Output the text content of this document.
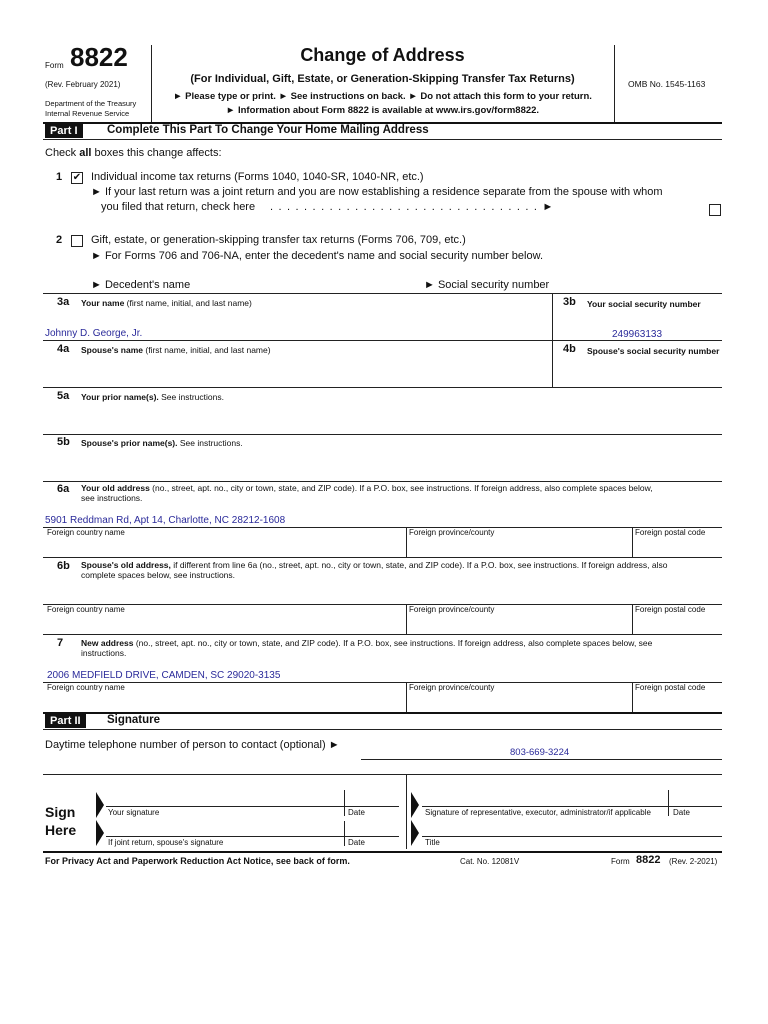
Form 8822
(Rev. February 2021)
Department of the Treasury
Internal Revenue Service
Change of Address
(For Individual, Gift, Estate, or Generation-Skipping Transfer Tax Returns)
► Please type or print. ► See instructions on back. ► Do not attach this form to your return.
► Information about Form 8822 is available at www.irs.gov/form8822.
OMB No. 1545-1163
Part I	Complete This Part To Change Your Home Mailing Address
Check all boxes this change affects:
1 ✔ Individual income tax returns (Forms 1040, 1040-SR, 1040-NR, etc.)
► If your last return was a joint return and you are now establishing a residence separate from the spouse with whom
you filed that return, check here . . . . . . . . . . . . . . . . . . . . . . . . . . . . . . . . ►
2	Gift, estate, or generation-skipping transfer tax returns (Forms 706, 709, etc.)
► For Forms 706 and 706-NA, enter the decedent's name and social security number below.
► Decedent's name	► Social security number
3a Your name (first name, initial, and last name)
Johnny D. George, Jr.
3b Your social security number
249963133
4a Spouse's name (first name, initial, and last name)	4b Spouse's social security number
5a Your prior name(s). See instructions.
5b Spouse's prior name(s). See instructions.
6a Your old address (no., street, apt. no., city or town, state, and ZIP code). If a P.O. box, see instructions. If foreign address, also complete spaces below,
see instructions.
5901 Reddman Rd, Apt 14, Charlotte, NC 28212-1608
Foreign country name	Foreign province/county	Foreign postal code
6b Spouse's old address, if different from line 6a (no., street, apt. no., city or town, state, and ZIP code). If a P.O. box, see instructions. If foreign address, also
complete spaces below, see instructions.
Foreign country name	Foreign province/county	Foreign postal code
7 New address (no., street, apt. no., city or town, state, and ZIP code). If a P.O. box, see instructions. If foreign address, also complete spaces below, see
instructions.
2006 MEDFIELD DRIVE, CAMDEN, SC 29020-3135
Foreign country name	Foreign province/county	Foreign postal code
Part II	Signature
Daytime telephone number of person to contact (optional) ►
803-669-3224
Sign
Here
Your signature	Date
If joint return, spouse's signature	Date
Signature of representative, executor, administrator/if applicable	Date
Title
For Privacy Act and Paperwork Reduction Act Notice, see back of form.	Cat. No. 12081V	Form 8822 (Rev. 2-2021)
